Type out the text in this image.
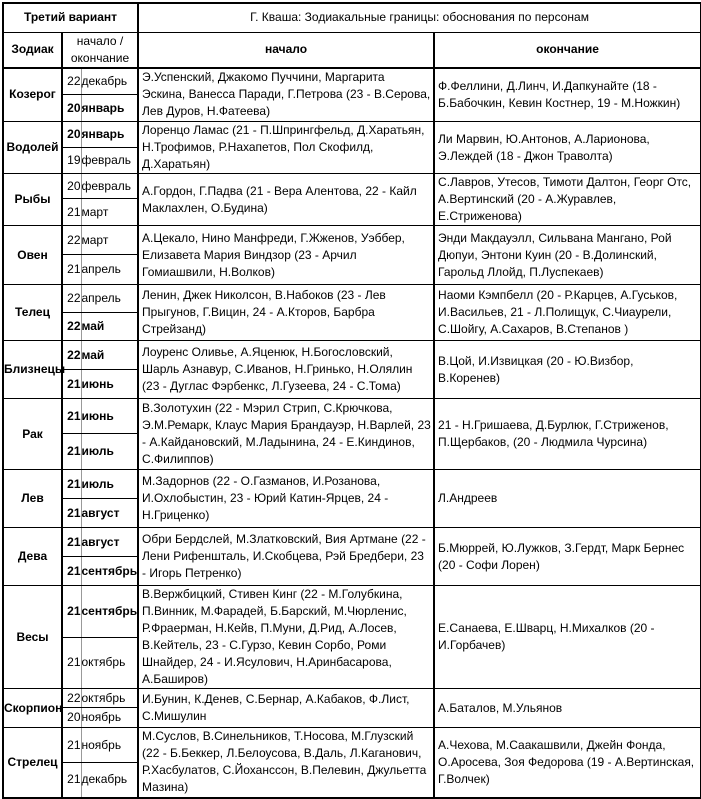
Третий вариант			Г. Кваша: Зодиакальные границы: обоснования по персонам	
Зодиак	начало / окончание		начало	окончание
Козерог	22	декабрь	Э.Успенский, Джакомо Пуччини, Маргарита Эскина, Ванесса Паради, Г.Петрова (23 - В.Серова, Лев Дуров, Н.Фатеева)	Ф.Феллини, Д.Линч, И.Дапкунайте (18 - Б.Бабочкин, Кевин Костнер, 19 - М.Ножкин)
	20	январь		
Водолей	20	январь	Лоренцо Ламас (21 - П.Шпрингфельд, Д.Харатьян, Н.Трофимов, Р.Нахапетов, Пол Скофилд, Д.Харатьян)	Ли Марвин, Ю.Антонов, А.Ларионова, Э.Леждей (18 - Джон Траволта)
	19	февраль		
Рыбы	20	февраль	А.Гордон, Г.Падва (21 - Вера Алентова, 22 - Кайл Маклахлен, О.Будина)	С.Лавров, Утесов, Тимоти Далтон, Георг Отс, А.Вертинский (20 - А.Журавлев, Е.Стриженова)
	21	март		
Овен	22	март	А.Цекало, Нино Манфреди, Г.Жженов, Уэббер, Елизавета Мария Виндзор (23 - Арчил Гомиашвили, Н.Волков)	Энди Макдауэлл, Сильвана Мангано, Рой Дюпуи, Энтони Куин (20 - В.Долинский, Гарольд Ллойд, П.Луспекаев)
	21	апрель		
Телец	22	апрель	Ленин, Джек Николсон, В.Набоков (23 - Лев Прыгунов, Г.Вицин, 24 - А.Кторов, Барбра Стрейзанд)	Наоми Кэмпбелл (20 - Р.Карцев, А.Гуськов, И.Васильев, 21 - Л.Полищук, С.Чиаурели, С.Шойгу, А.Сахаров, В.Степанов )
	22	май		
Близнецы	22	май	Лоуренс Оливье, А.Яценюк, Н.Богословский, Шарль Азнавур, С.Иванов, Н.Гринько, Н.Олялин (23 - Дуглас Фэрбенкс, Л.Гузеева, 24 - С.Тома)	В.Цой, И.Извицкая (20 - Ю.Визбор, В.Коренев)
	21	июнь		
Рак	21	июнь	В.Золотухин (22 - Мэрил Стрип, С.Крючкова, Э.М.Ремарк, Клаус Мария Брандауэр, Н.Варлей, 23 - А.Кайдановский, М.Ладынина, 24 - Е.Киндинов, С.Филиппов)	21 - Н.Гришаева, Д.Бурлюк, Г.Стриженов, П.Щербаков, (20 - Людмила Чурсина)
	21	июль		
Лев	21	июль	М.Задорнов (22 - О.Газманов, И.Розанова, И.Охлобыстин, 23 - Юрий Катин-Ярцев, 24 - Н.Гриценко)	Л.Андреев
	21	август		
Дева	21	август	Обри Бердслей, М.Златковский, Вия Артмане (22 - Лени Рифеншталь, И.Скобцева, Рэй Бредбери, 23 - Игорь Петренко)	Б.Мюррей, Ю.Лужков, З.Гердт, Марк Бернес (20 - Софи Лорен)
	21	сентябрь		
Весы	21	сентябрь	В.Вержбицкий, Стивен Кинг (22 - М.Голубкина, П.Винник, М.Фарадей, Б.Барский, М.Чюрленис, Р.Фраерман, Н.Кейв, П.Муни, Д.Рид, А.Лосев, В.Кейтель, 23 - С.Гурзо, Кевин Сорбо, Роми Шнайдер, 24 - И.Ясулович, Н.Аринбасарова, А.Баширов)	Е.Санаева, Е.Шварц, Н.Михалков (20 - И.Горбачев)
	21	октябрь		
Скорпион	22	октябрь	И.Бунин, К.Денев, С.Бернар, А.Кабаков, Ф.Лист, С.Мишулин	А.Баталов, М.Ульянов
	20	ноябрь		
Стрелец	21	ноябрь	М.Суслов, В.Синельников, Т.Носова, М.Глузский (22 - Б.Беккер, Л.Белоусова, В.Даль, Л.Каганович, Р.Хасбулатов, С.Йохансcон, В.Пелевин, Джульетта Мазина)	А.Чехова, М.Саакашвили, Джейн Фонда, О.Аросева, Зоя Федорова (19 - А.Вертинская, Г.Волчек)
	21	декабрь		
